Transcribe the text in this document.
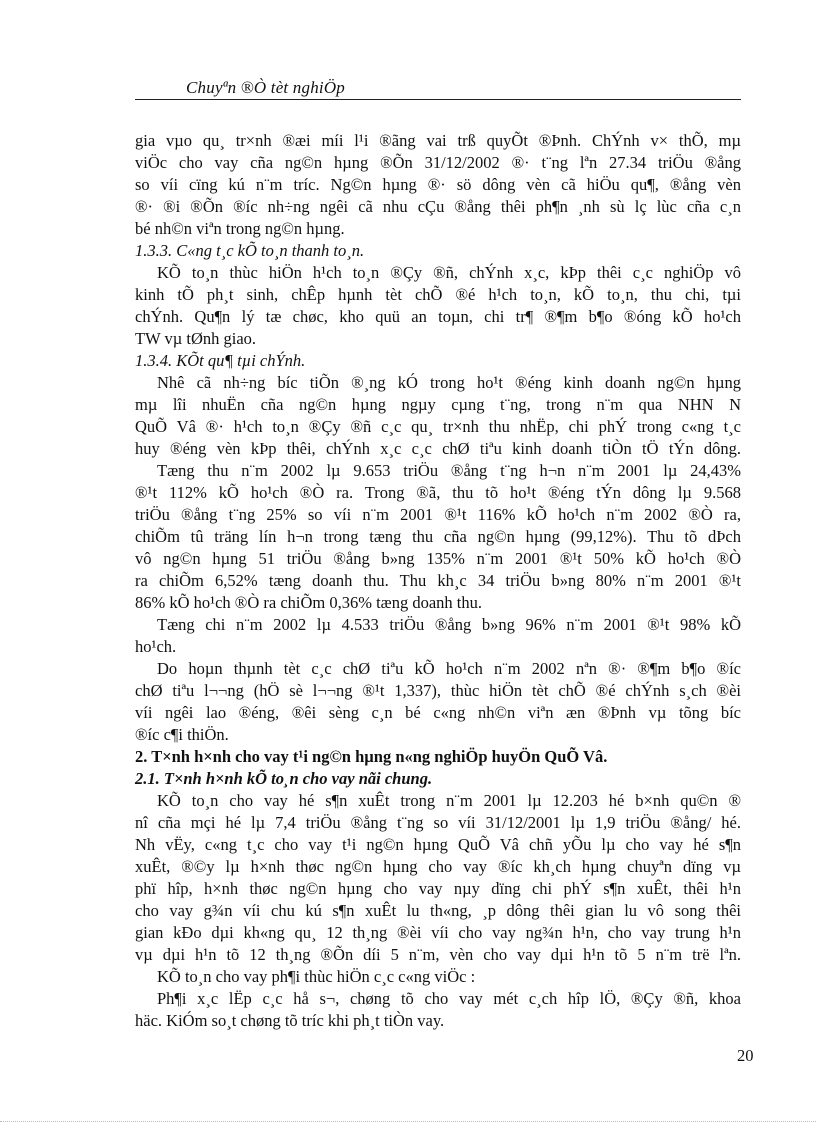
Chuyªn ®Ò tèt nghiÖp
gia vµo qu¸ tr×nh ®æi míi l¹i ®ãng vai trß quyÕt ®Þnh. ChÝnh v× thÕ, mµ
viÖc cho vay cña ng©n hµng ®Õn 31/12/2002 ®· t¨ng lªn 27.34 triÖu ®ång
so víi cïng kú n¨m tríc. Ng©n hµng ®· sö dông vèn cã hiÖu qu¶, ®ång vèn
®· ®i ®Õn ®íc nh÷ng ngêi cã nhu cÇu ®ång thêi ph¶n ¸nh sù lç lùc cña c¸n
bé nh©n viªn trong ng©n hµng.
1.3.3. C«ng t¸c kÕ to¸n thanh to¸n.
KÕ to¸n thùc hiÖn h¹ch to¸n ®Çy ®ñ, chÝnh x¸c, kÞp thêi c¸c nghiÖp vô
kinh tÕ ph¸t sinh, chÊp hµnh tèt chÕ ®é h¹ch to¸n, kÕ to¸n, thu chi, tµi
chÝnh. Qu¶n lý tæ chøc, kho quü an toµn, chi tr¶ ®¶m b¶o ®óng kÕ ho¹ch
TW vµ tØnh giao.
1.3.4. KÕt qu¶ tµi chÝnh.
Nhê cã nh÷ng bíc tiÕn ®¸ng kÓ trong ho¹t ®éng kinh doanh ng©n hµng
mµ lîi nhuËn cña ng©n hµng ngµy cµng t¨ng, trong n¨m qua NHN N
QuÕ Vâ ®· h¹ch to¸n ®Çy ®ñ c¸c qu¸ tr×nh thu nhËp, chi phÝ trong c«ng t¸c
huy ®éng vèn kÞp thêi, chÝnh x¸c c¸c chØ tiªu kinh doanh tiÒn tÖ tÝn dông.
Tæng thu n¨m 2002 lµ 9.653 triÖu ®ång t¨ng h¬n n¨m 2001 lµ 24,43%
®¹t 112% kÕ ho¹ch ®Ò ra. Trong ®ã, thu tõ ho¹t ®éng tÝn dông lµ 9.568
triÖu ®ång t¨ng 25% so víi n¨m 2001 ®¹t 116% kÕ ho¹ch n¨m 2002 ®Ò ra,
chiÕm tû träng lín h¬n trong tæng thu cña ng©n hµng (99,12%). Thu tõ dÞch
vô ng©n hµng 51 triÖu ®ång b»ng 135% n¨m 2001 ®¹t 50% kÕ ho¹ch ®Ò
ra chiÕm 6,52% tæng doanh thu. Thu kh¸c 34 triÖu b»ng 80% n¨m 2001 ®¹t
86% kÕ ho¹ch ®Ò ra chiÕm 0,36% tæng doanh thu.
Tæng chi n¨m 2002 lµ 4.533 triÖu ®ång b»ng 96% n¨m 2001 ®¹t 98% kÕ
ho¹ch.
Do hoµn thµnh tèt c¸c chØ tiªu kÕ ho¹ch n¨m 2002 nªn ®· ®¶m b¶o ®íc
chØ tiªu l¬¬ng (hÖ sè l¬¬ng ®¹t 1,337), thùc hiÖn tèt chÕ ®é chÝnh s¸ch ®èi
víi ngêi lao ®éng, ®êi sèng c¸n bé c«ng nh©n viªn æn ®Þnh vµ tõng bíc
®íc c¶i thiÖn.
2. T×nh h×nh cho vay t¹i ng©n hµng n«ng nghiÖp huyÖn QuÕ Vâ.
2.1. T×nh h×nh kÕ to¸n cho vay nãi chung.
KÕ to¸n cho vay hé s¶n xuÊt trong n¨m 2001 lµ 12.203 hé b×nh qu©n ®
nî cña mçi hé lµ 7,4 triÖu ®ång t¨ng so víi 31/12/2001 lµ 1,9 triÖu ®ång/ hé.
Nh vËy, c«ng t¸c cho vay t¹i ng©n hµng QuÕ Vâ chñ yÕu lµ cho vay hé s¶n
xuÊt, ®©y lµ h×nh thøc ng©n hµng cho vay ®íc kh¸ch hµng chuyªn dïng vµ
phï hîp, h×nh thøc ng©n hµng cho vay nµy dïng chi phÝ s¶n xuÊt, thêi h¹n
cho vay g¾n víi chu kú s¶n xuÊt lu th«ng, ¸p dông thêi gian lu vô song thêi
gian kÐo dµi kh«ng qu¸ 12 th¸ng ®èi víi cho vay ng¾n h¹n, cho vay trung h¹n
vµ dµi h¹n tõ 12 th¸ng ®Õn díi 5 n¨m, vèn cho vay dµi h¹n tõ 5 n¨m trë lªn.
KÕ to¸n cho vay ph¶i thùc hiÖn c¸c c«ng viÖc :
Ph¶i x¸c lËp c¸c hå s¬, chøng tõ cho vay mét c¸ch hîp lÖ, ®Çy ®ñ, khoa
häc. KiÓm so¸t chøng tõ tríc khi ph¸t tiÒn vay.
20
